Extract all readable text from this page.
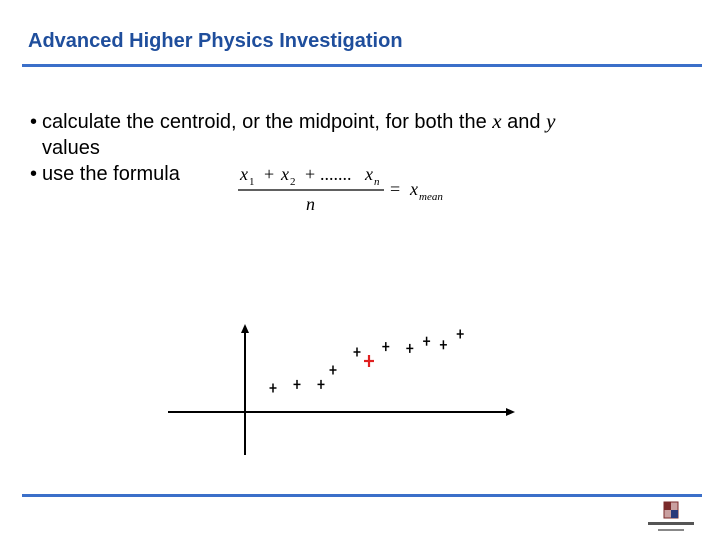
Advanced Higher Physics Investigation
• calculate the centroid, or the midpoint, for both the x and y
values
• use the formula	x 1 + x 2 + ....... x n
n
= x mean
